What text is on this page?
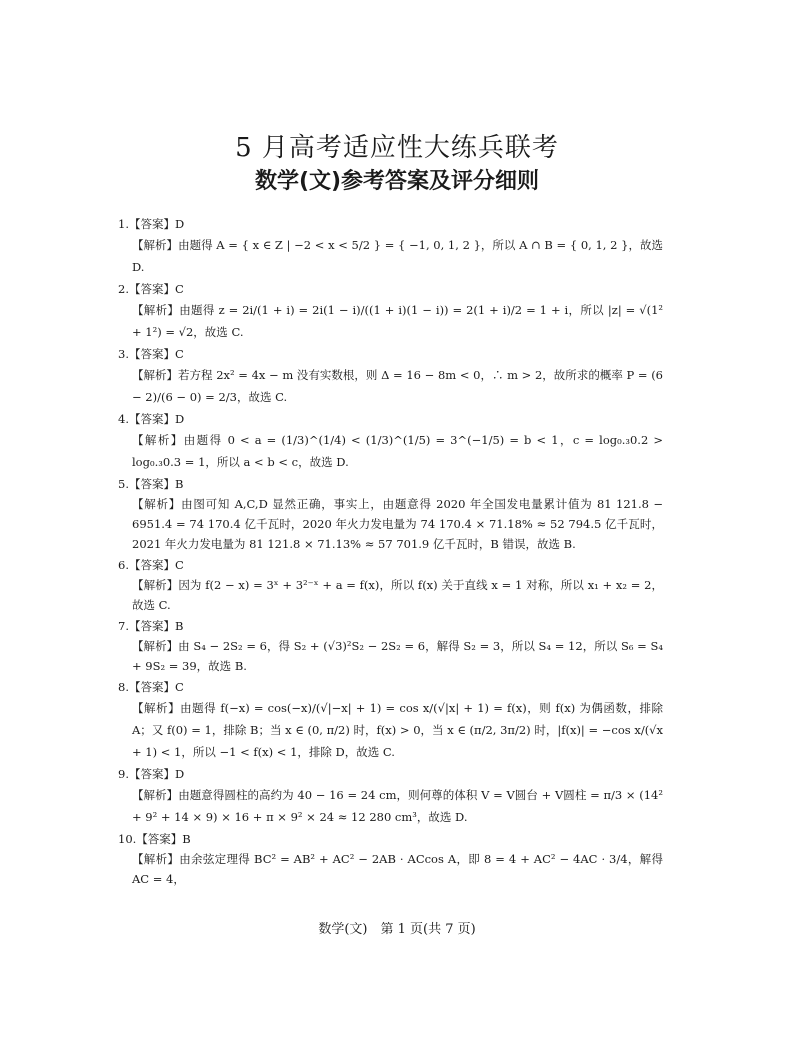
5 月高考适应性大练兵联考
数学(文)参考答案及评分细则
1.【答案】D
【解析】由题得 A = { x ∈ Z | −2 < x < 5/2 } = { −1, 0, 1, 2 }，所以 A ∩ B = { 0, 1, 2 }，故选 D.
2.【答案】C
【解析】由题得 z = 2i/(1 + i) = 2i(1 − i)/((1 + i)(1 − i)) = 2(1 + i)/2 = 1 + i，所以 |z| = √(1² + 1²) = √2，故选 C.
3.【答案】C
【解析】若方程 2x² = 4x − m 没有实数根，则 Δ = 16 − 8m < 0，∴ m > 2，故所求的概率 P = (6 − 2)/(6 − 0) = 2/3，故选 C.
4.【答案】D
【解析】由题得 0 < a = (1/3)^(1/4) < (1/3)^(1/5) = 3^(−1/5) = b < 1，c = log₀.₃0.2 > log₀.₃0.3 = 1，所以 a < b < c，故选 D.
5.【答案】B
【解析】由图可知 A,C,D 显然正确，事实上，由题意得 2020 年全国发电量累计值为 81 121.8 − 6951.4 = 74 170.4 亿千瓦时，2020 年火力发电量为 74 170.4 × 71.18% ≈ 52 794.5 亿千瓦时，2021 年火力发电量为 81 121.8 × 71.13% ≈ 57 701.9 亿千瓦时，B 错误，故选 B.
6.【答案】C
【解析】因为 f(2 − x) = 3ˣ + 3²⁻ˣ + a = f(x)，所以 f(x) 关于直线 x = 1 对称，所以 x₁ + x₂ = 2，故选 C.
7.【答案】B
【解析】由 S₄ − 2S₂ = 6，得 S₂ + (√3)²S₂ − 2S₂ = 6，解得 S₂ = 3，所以 S₄ = 12，所以 S₆ = S₄ + 9S₂ = 39，故选 B.
8.【答案】C
【解析】由题得 f(−x) = cos(−x)/(√|−x| + 1) = cos x/(√|x| + 1) = f(x)，则 f(x) 为偶函数，排除 A；又 f(0) = 1，排除 B；当 x ∈ (0, π/2) 时，f(x) > 0，当 x ∈ (π/2, 3π/2) 时，|f(x)| = −cos x/(√x + 1) < 1，所以 −1 < f(x) < 1，排除 D，故选 C.
9.【答案】D
【解析】由题意得圆柱的高约为 40 − 16 = 24 cm，则何尊的体积 V = V圆台 + V圆柱 = π/3 × (14² + 9² + 14 × 9) × 16 + π × 9² × 24 ≈ 12 280 cm³，故选 D.
10.【答案】B
【解析】由余弦定理得 BC² = AB² + AC² − 2AB · ACcos A，即 8 = 4 + AC² − 4AC · 3/4，解得 AC = 4，
数学(文)　第 1 页(共 7 页)
